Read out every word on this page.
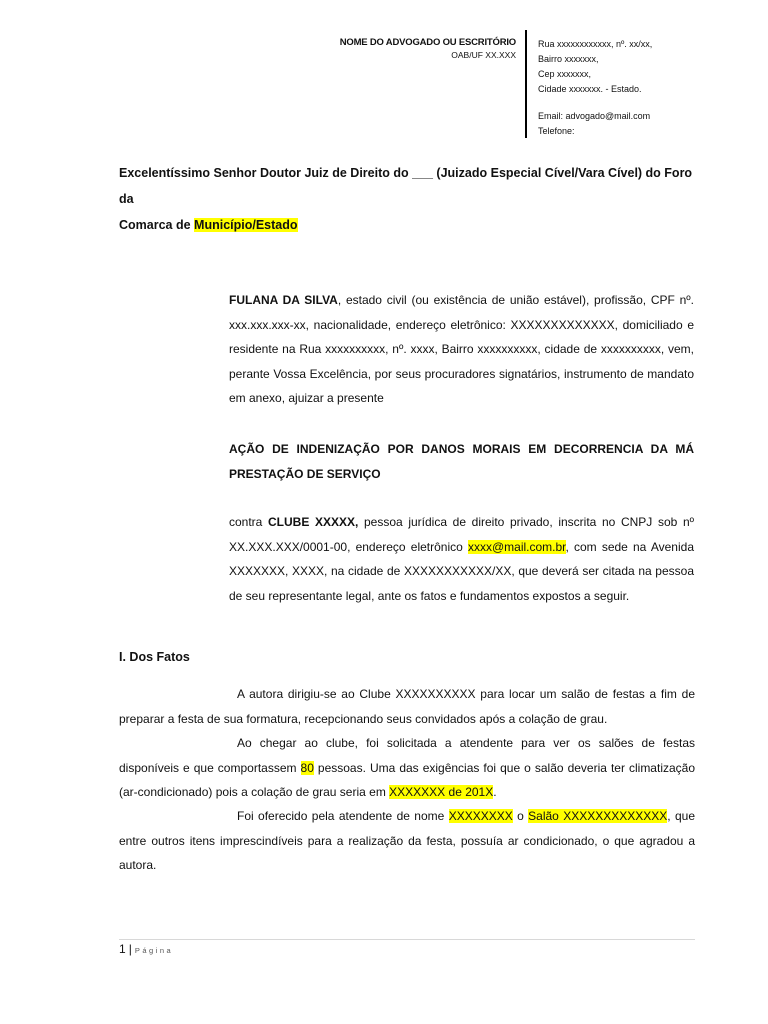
NOME DO ADVOGADO OU ESCRITÓRIO
OAB/UF XX.XXX
Rua xxxxxxxxxxxx, nº. xx/xx,
Bairro xxxxxxx,
Cep xxxxxxx,
Cidade xxxxxxx. - Estado.
Email: advogado@mail.com
Telefone:
Excelentíssimo Senhor Doutor Juiz de Direito do ___ (Juizado Especial Cível/Vara Cível) do Foro da
Comarca de Município/Estado
FULANA DA SILVA, estado civil (ou existência de união estável), profissão, CPF nº. xxx.xxx.xxx-xx, nacionalidade, endereço eletrônico: XXXXXXXXXXXXX, domiciliado e residente na Rua xxxxxxxxxx, nº. xxxx, Bairro xxxxxxxxxx, cidade de xxxxxxxxxx, vem, perante Vossa Excelência, por seus procuradores signatários, instrumento de mandato em anexo, ajuizar a presente
AÇÃO DE INDENIZAÇÃO POR DANOS MORAIS EM DECORRENCIA DA MÁ PRESTAÇÃO DE SERVIÇO
contra CLUBE XXXXX, pessoa jurídica de direito privado, inscrita no CNPJ sob nº XX.XXX.XXX/0001-00, endereço eletrônico xxxx@mail.com.br, com sede na Avenida XXXXXXX, XXXX, na cidade de XXXXXXXXXXX/XX, que deverá ser citada na pessoa de seu representante legal, ante os fatos e fundamentos expostos a seguir.
I. Dos Fatos
A autora dirigiu-se ao Clube XXXXXXXXXX para locar um salão de festas a fim de preparar a festa de sua formatura, recepcionando seus convidados após a colação de grau.
Ao chegar ao clube, foi solicitada a atendente para ver os salões de festas disponíveis e que comportassem 80 pessoas. Uma das exigências foi que o salão deveria ter climatização (ar-condicionado) pois a colação de grau seria em XXXXXXX de 201X.
Foi oferecido pela atendente de nome XXXXXXXX o Salão XXXXXXXXXXXXX, que entre outros itens imprescindíveis para a realização da festa, possuía ar condicionado, o que agradou a autora.
1 | Página
